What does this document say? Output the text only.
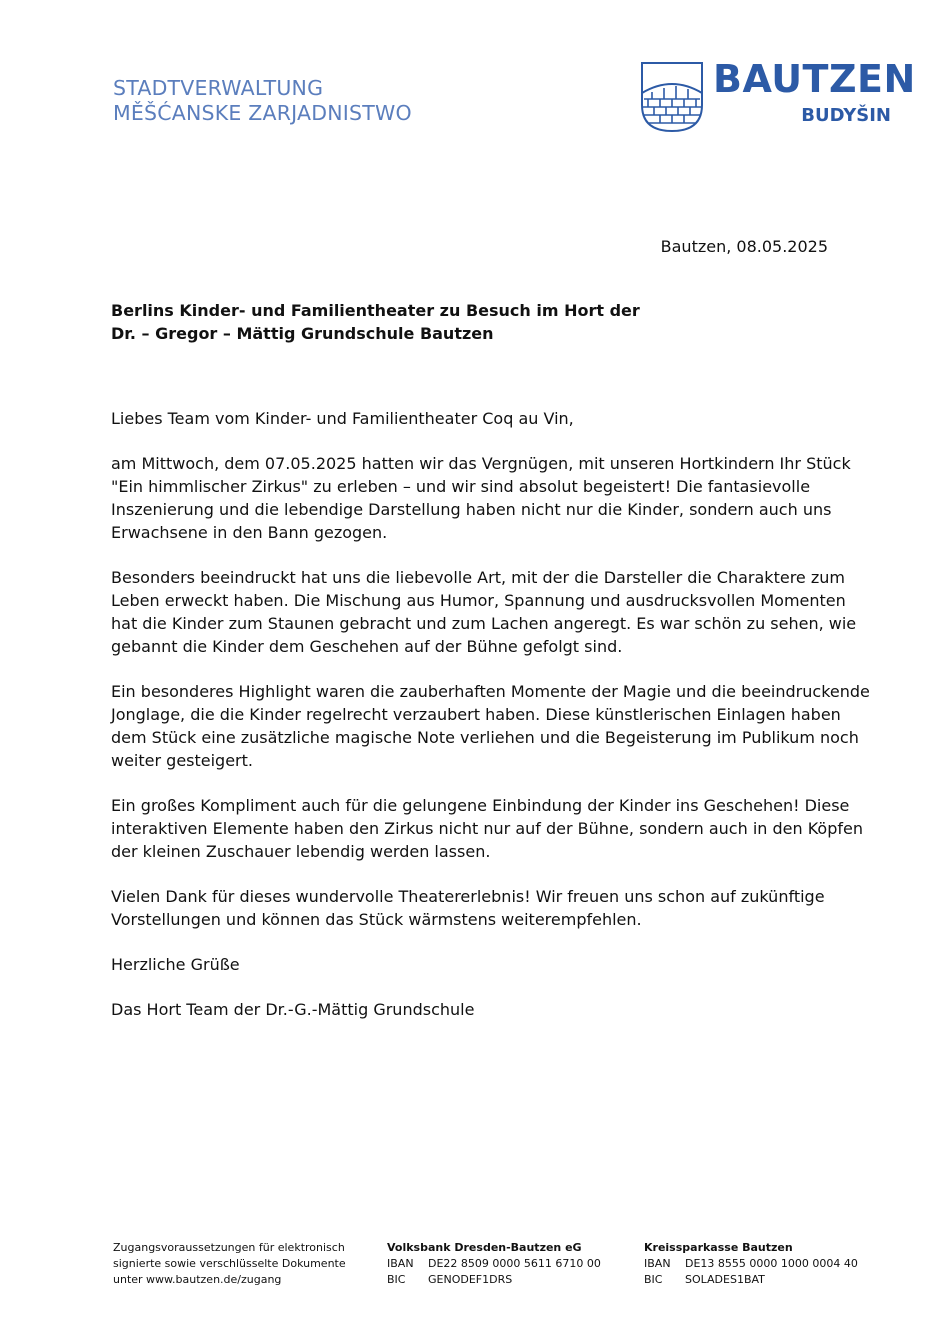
STADTVERWALTUNG
MĚŠĆANSKE ZARJADNISTWO
BAUTZEN
BUDYŠIN
Bautzen, 08.05.2025
Berlins Kinder- und Familientheater zu Besuch im Hort der
Dr. – Gregor – Mättig Grundschule Bautzen

Liebes Team vom Kinder- und Familientheater Coq au Vin,

am Mittwoch, dem 07.05.2025 hatten wir das Vergnügen, mit unseren Hortkindern Ihr Stück "Ein himmlischer Zirkus" zu erleben – und wir sind absolut begeistert! Die fantasievolle Inszenierung und die lebendige Darstellung haben nicht nur die Kinder, sondern auch uns Erwachsene in den Bann gezogen.

Besonders beeindruckt hat uns die liebevolle Art, mit der die Darsteller die Charaktere zum Leben erweckt haben. Die Mischung aus Humor, Spannung und ausdrucksvollen Momenten hat die Kinder zum Staunen gebracht und zum Lachen angeregt. Es war schön zu sehen, wie gebannt die Kinder dem Geschehen auf der Bühne gefolgt sind.

Ein besonderes Highlight waren die zauberhaften Momente der Magie und die beeindruckende Jonglage, die die Kinder regelrecht verzaubert haben. Diese künstlerischen Einlagen haben dem Stück eine zusätzliche magische Note verliehen und die Begeisterung im Publikum noch weiter gesteigert.

Ein großes Kompliment auch für die gelungene Einbindung der Kinder ins Geschehen! Diese interaktiven Elemente haben den Zirkus nicht nur auf der Bühne, sondern auch in den Köpfen der kleinen Zuschauer lebendig werden lassen.

Vielen Dank für dieses wundervolle Theatererlebnis! Wir freuen uns schon auf zukünftige Vorstellungen und können das Stück wärmstens weiterempfehlen.

Herzliche Grüße

Das Hort Team der Dr.-G.-Mättig Grundschule

Zugangsvoraussetzungen für elektronisch
signierte sowie verschlüsselte Dokumente
unter www.bautzen.de/zugang
Volksbank Dresden-Bautzen eG
IBAN DE22 8509 0000 5611 6710 00
BIC GENODEF1DRS
Kreissparkasse Bautzen
IBAN DE13 8555 0000 1000 0004 40
BIC SOLADES1BAT
